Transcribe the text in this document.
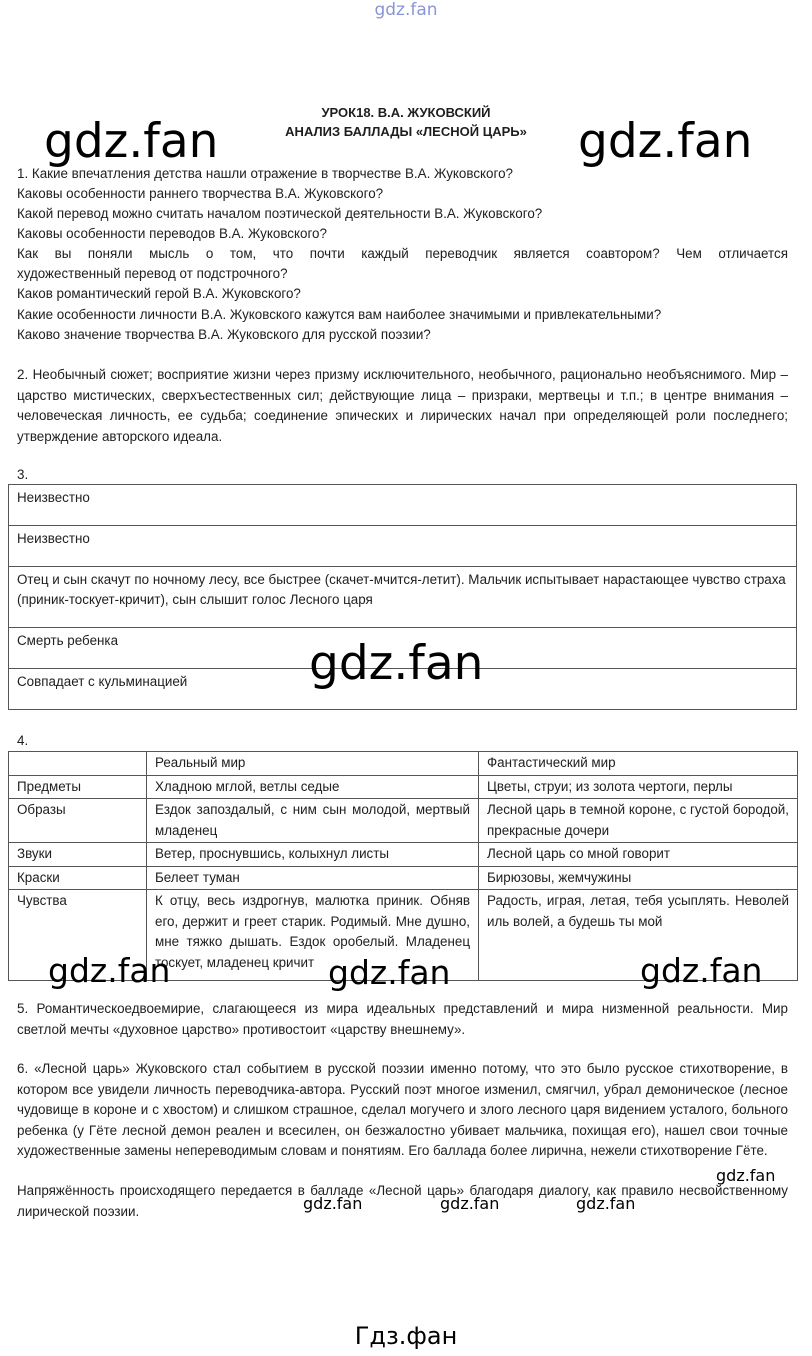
gdz.fan
gdz.fan	gdz.fan
УРОК18. В.А. ЖУКОВСКИЙ
АНАЛИЗ БАЛЛАДЫ «ЛЕСНОЙ ЦАРЬ»
1. Какие впечатления детства нашли отражение в творчестве В.А. Жуковского?
Каковы особенности раннего творчества В.А. Жуковского?
Какой перевод можно считать началом поэтической деятельности В.А. Жуковского?
Каковы особенности переводов В.А. Жуковского?
Как вы поняли мысль о том, что почти каждый переводчик является соавтором? Чем отличается
художественный перевод от подстрочного?
Каков романтический герой В.А. Жуковского?
Какие особенности личности В.А. Жуковского кажутся вам наиболее значимыми и привлекательными?
Каково значение творчества В.А. Жуковского для русской поэзии?
2. Необычный сюжет; восприятие жизни через призму исключительного, необычного, рационально необъяснимого. Мир – царство мистических, сверхъестественных сил; действующие лица – призраки, мертвецы и т.п.; в центре внимания – человеческая личность, ее судьба; соединение эпических и лирических начал при определяющей роли последнего; утверждение авторского идеала.
3.
Неизвестно
Неизвестно
Отец и сын скачут по ночному лесу, все быстрее (скачет-мчится-летит). Мальчик испытывает нарастающее чувство страха (приник-тоскует-кричит), сын слышит голос Лесного царя
Смерть ребенка
Совпадает с кульминацией	gdz.fan
4.
	Реальный мир	Фантастический мир
Предметы	Хладною мглой, ветлы седые	Цветы, струи; из золота чертоги, перлы
Образы	Ездок запоздалый, с ним сын молодой, мертвый младенец	Лесной царь в темной короне, с густой бородой, прекрасные дочери
Звуки	Ветер, проснувшись, колыхнул листы	Лесной царь со мной говорит
Краски	Белеет туман	Бирюзовы, жемчужины
Чувства	К отцу, весь издрогнув, малютка приник. Обняв его, держит и греет старик. Родимый. Мне душно, мне тяжко дышать. Ездок оробелый. Младенец тоскует, младенец кричит	Радость, играя, летая, тебя усыплять. Неволей иль волей, а будешь ты мой
gdz.fan	gdz.fan	gdz.fan
5. Романтическоедвоемирие, слагающееся из мира идеальных представлений и мира низменной реальности. Мир светлой мечты «духовное царство» противостоит «царству внешнему».
6. «Лесной царь» Жуковского стал событием в русской поэзии именно потому, что это было русское стихотворение, в котором все увидели личность переводчика-автора. Русский поэт многое изменил, смягчил, убрал демоническое (лесное чудовище в короне и с хвостом) и слишком страшное, сделал могучего и злого лесного царя видением усталого, больного ребенка (у Гёте лесной демон реален и всесилен, он безжалостно убивает мальчика, похищая его), нашел свои точные художественные замены непереводимым словам и понятиям. Его баллада более лирична, нежели стихотворение Гёте.
Напряжённость происходящего передается в балладе «Лесной царь» благодаря диалогу, как правило несвойственному лирической поэзии.
gdz.fan
gdz.fan	gdz.fan	gdz.fan
Гдз.фан
